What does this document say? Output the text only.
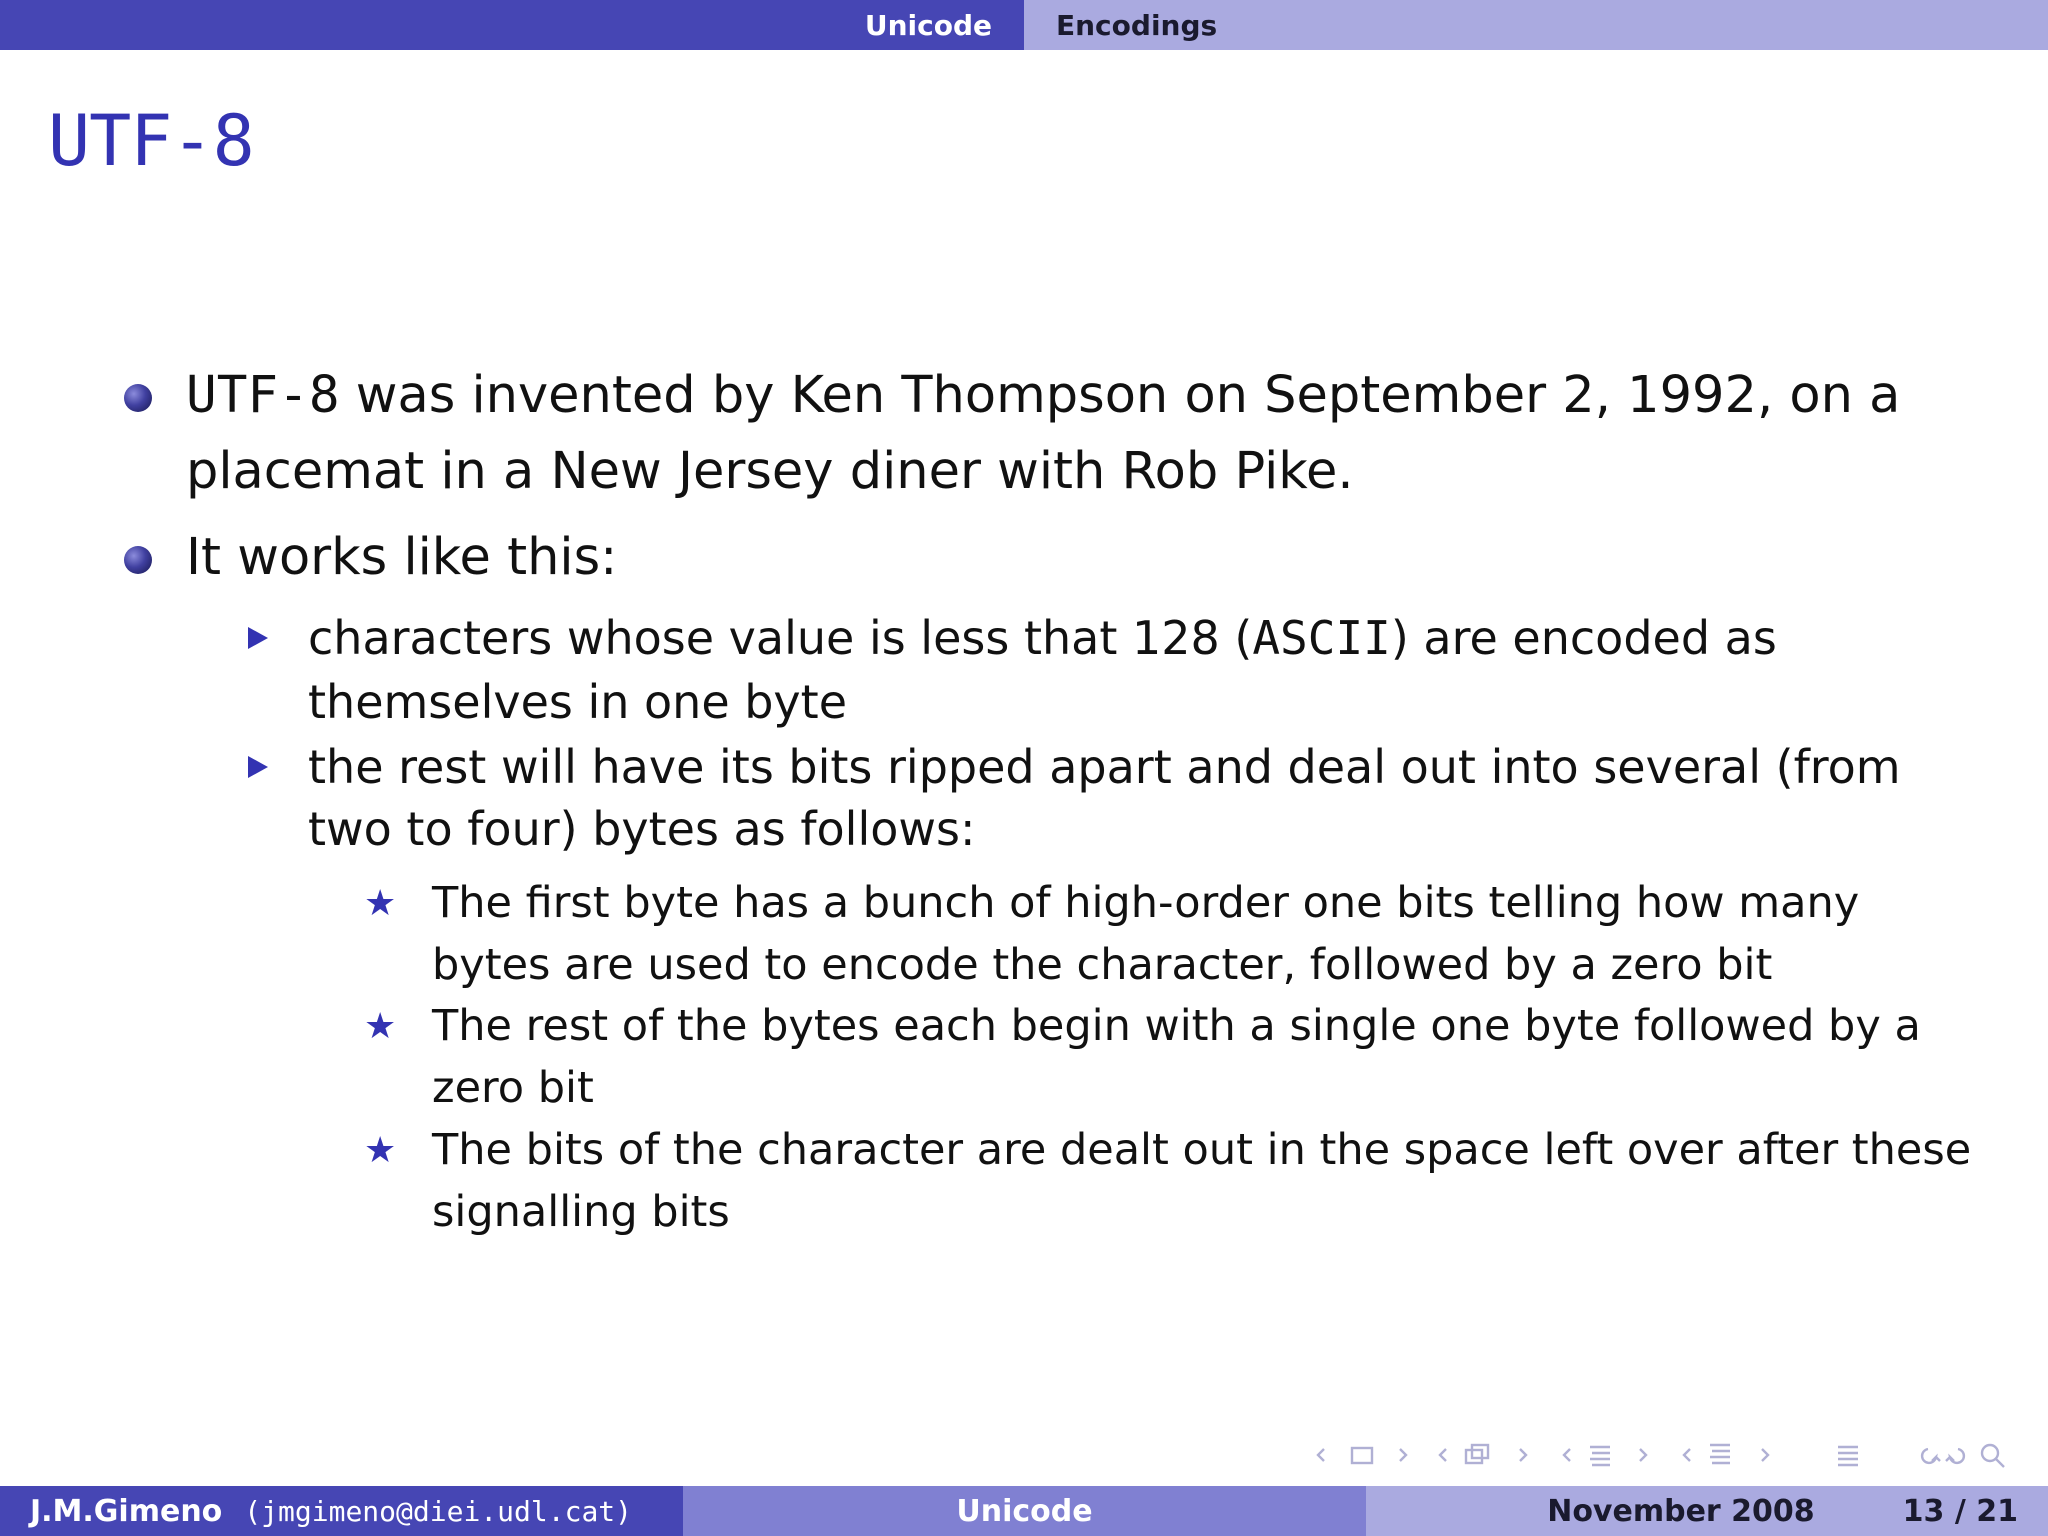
Unicode Encodings
UTF-8
UTF-8 was invented by Ken Thompson on September 2, 1992, on a
placemat in a New Jersey diner with Rob Pike.
It works like this:
characters whose value is less that 128 (ASCII) are encoded as
themselves in one byte
the rest will have its bits ripped apart and deal out into several (from
two to four) bytes as follows:
★ The first byte has a bunch of high-order one bits telling how many
bytes are used to encode the character, followed by a zero bit
★ The rest of the bytes each begin with a single one byte followed by a
zero bit
★ The bits of the character are dealt out in the space left over after these
signalling bits
J.M.Gimeno (jmgimeno@diei.udl.cat)	Unicode	November 2008	13 / 21
